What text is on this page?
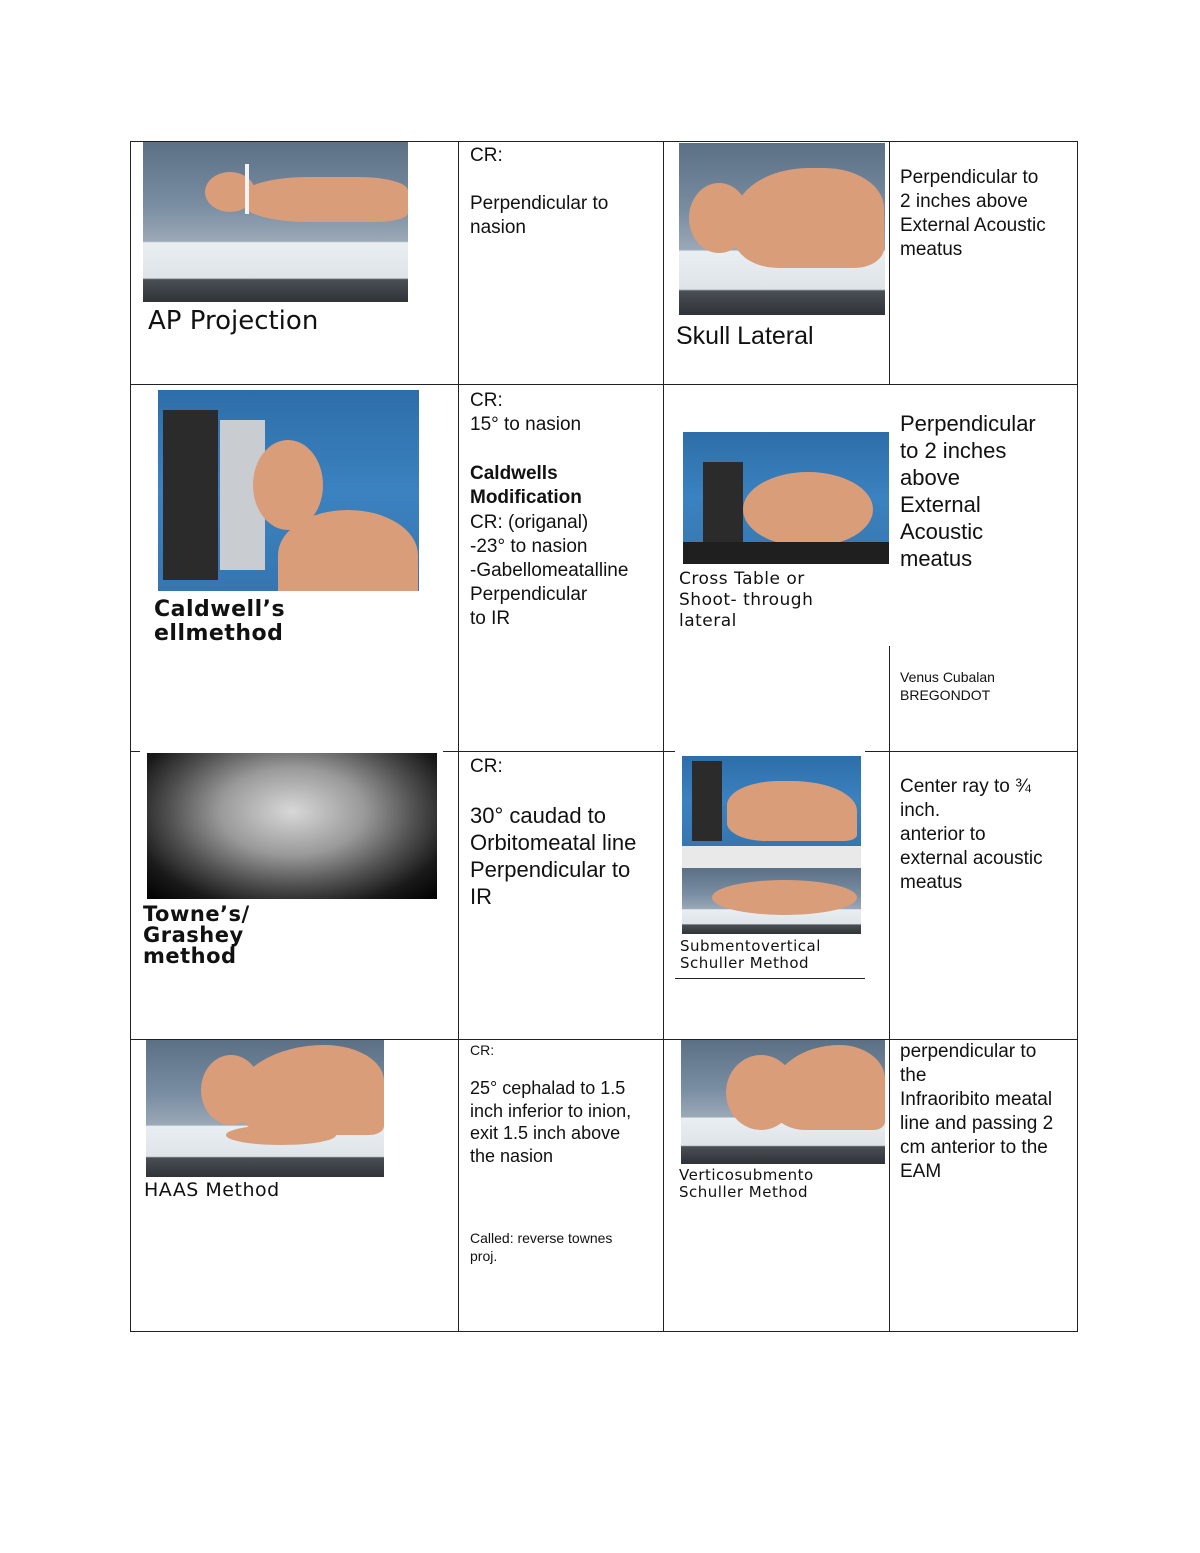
AP Projection
CR:

Perpendicular to
nasion
Skull Lateral
Perpendicular to
2 inches above
External Acoustic
meatus
Caldwell’s
ellmethod
CR:
15° to nasion
Caldwells
Modification
CR: (origanal)
-23° to nasion
-Gabellomeatalline
Perpendicular
to IR
Cross Table or
Shoot- through
lateral
Perpendicular
to 2 inches
above
External
Acoustic
meatus
Venus Cubalan
BREGONDOT
Towne’s/
Grashey
method
CR:
30° caudad to
Orbitomeatal line
Perpendicular to
IR
Submentovertical
Schuller Method
Center ray to ¾
inch.
anterior to
external acoustic
meatus
HAAS Method
CR:
25° cephalad to 1.5
inch inferior to inion,
exit 1.5 inch above
the nasion
Called: reverse townes
proj.
Verticosubmento
Schuller Method
perpendicular to
the
Infraoribito meatal
line and passing 2
cm anterior to the
EAM
